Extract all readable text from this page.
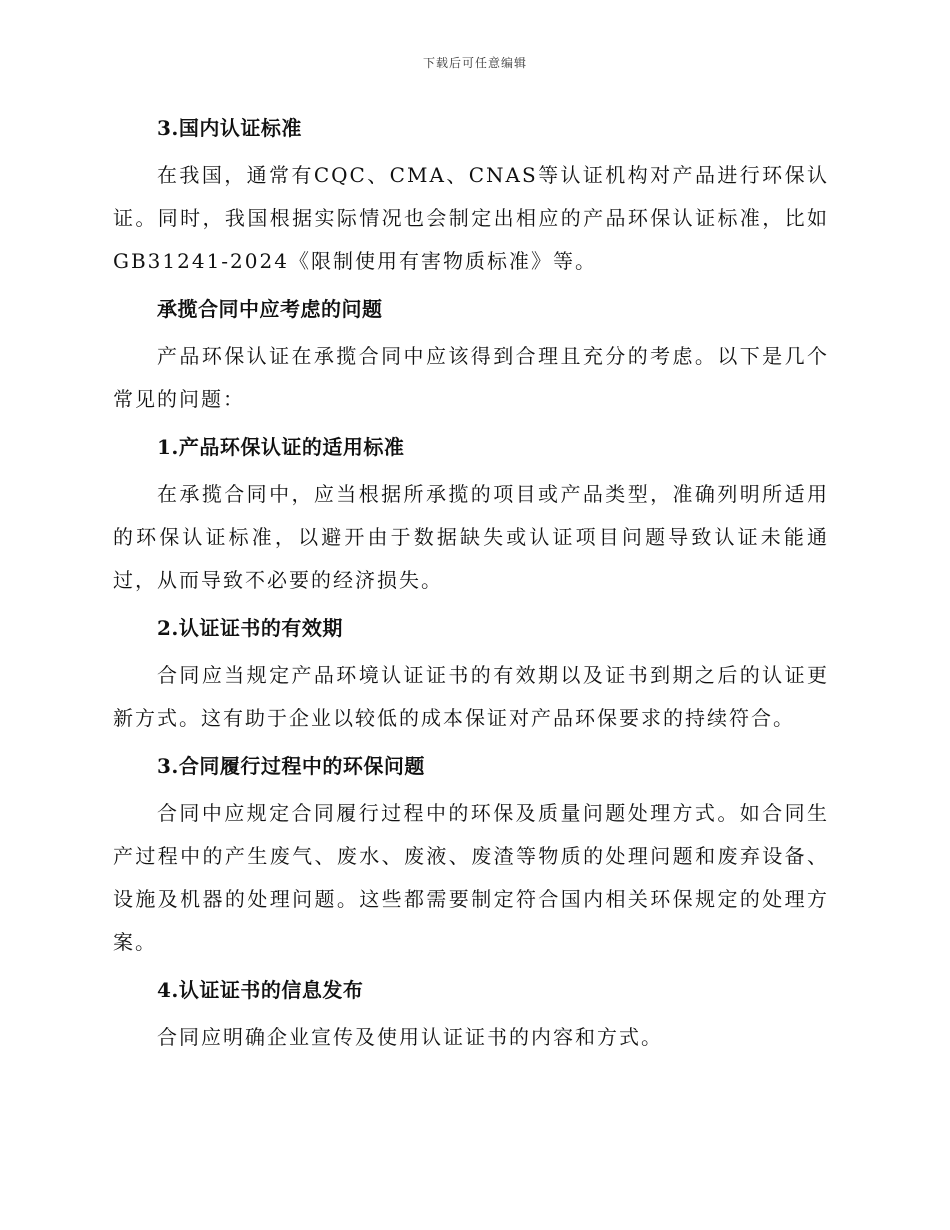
下载后可任意编辑
3.国内认证标准

在我国，通常有CQC、CMA、CNAS等认证机构对产品进行环保认证。同时，我国根据实际情况也会制定出相应的产品环保认证标准，比如GB31241-2024《限制使用有害物质标准》等。

承揽合同中应考虑的问题

产品环保认证在承揽合同中应该得到合理且充分的考虑。以下是几个常见的问题：

1.产品环保认证的适用标准

在承揽合同中，应当根据所承揽的项目或产品类型，准确列明所适用的环保认证标准，以避开由于数据缺失或认证项目问题导致认证未能通过，从而导致不必要的经济损失。

2.认证证书的有效期

合同应当规定产品环境认证证书的有效期以及证书到期之后的认证更新方式。这有助于企业以较低的成本保证对产品环保要求的持续符合。

3.合同履行过程中的环保问题

合同中应规定合同履行过程中的环保及质量问题处理方式。如合同生产过程中的产生废气、废水、废液、废渣等物质的处理问题和废弃设备、设施及机器的处理问题。这些都需要制定符合国内相关环保规定的处理方案。

4.认证证书的信息发布

合同应明确企业宣传及使用认证证书的内容和方式。
